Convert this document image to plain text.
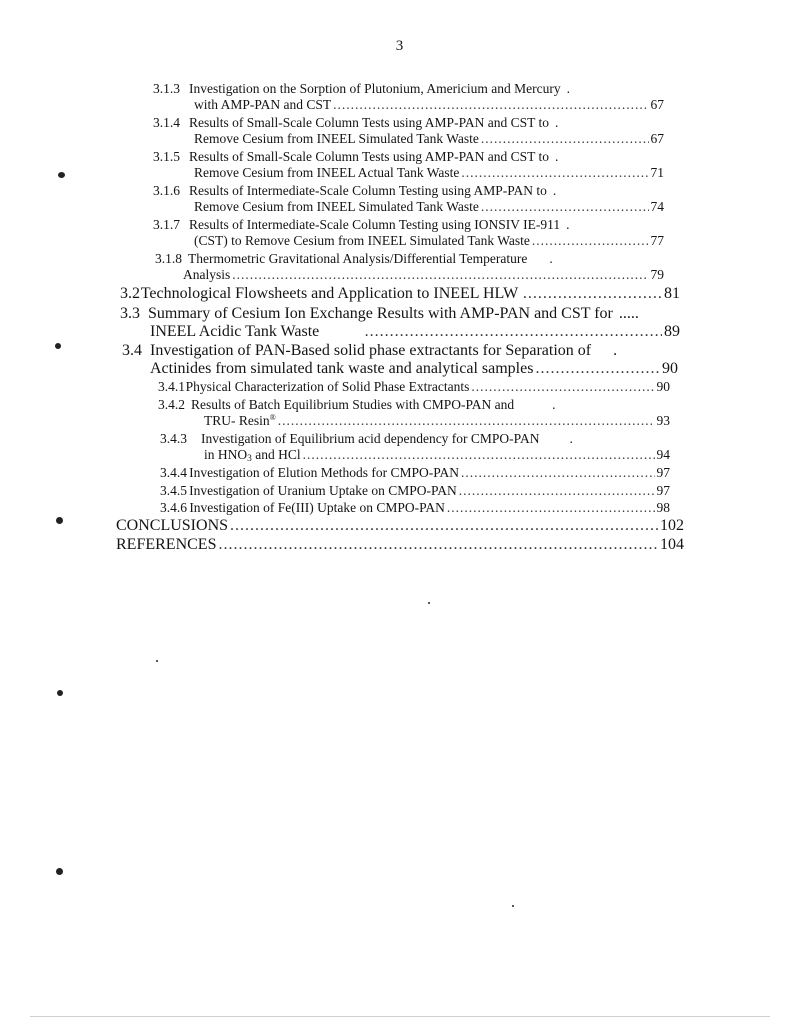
3
3.1.3 Investigation on the Sorption of Plutonium, Americium and Mercury .
with AMP-PAN and CST .....	67
3.1.4 Results of Small-Scale Column Tests using AMP-PAN and CST to .
Remove Cesium from INEEL Simulated Tank Waste .....	67
3.1.5 Results of Small-Scale Column Tests using AMP-PAN and CST to .
Remove Cesium from INEEL Actual Tank Waste .....	71
3.1.6 Results of Intermediate-Scale Column Testing using AMP-PAN to .
Remove Cesium from INEEL Simulated Tank Waste .....	74
3.1.7 Results of Intermediate-Scale Column Testing using IONSIV IE-911 .
(CST) to Remove Cesium from INEEL Simulated Tank Waste .....	77
3.1.8 Thermometric Gravitational Analysis/Differential Temperature .
Analysis .....	79
3.2 Technological Flowsheets and Application to INEEL HLW .....	81
3.3 Summary of Cesium Ion Exchange Results with AMP-PAN and CST for .....
INEEL Acidic Tank Waste .....	89
3.4 Investigation of PAN-Based solid phase extractants for Separation of .
Actinides from simulated tank waste and analytical samples .....	90
3.4.1 Physical Characterization of Solid Phase Extractants .....	90
3.4.2 Results of Batch Equilibrium Studies with CMPO-PAN and	.
TRU- Resin® .....	93
3.4.3 Investigation of Equilibrium acid dependency for CMPO-PAN .
in $HNO_3$ and HCl .....	94
3.4.4 Investigation of Elution Methods for CMPO-PAN .....	97
3.4.5 Investigation of Uranium Uptake on CMPO-PAN .....	97
3.4.6 Investigation of Fe(III) Uptake on CMPO-PAN .....	98
CONCLUSIONS .....	102
REFERENCES .....	104
